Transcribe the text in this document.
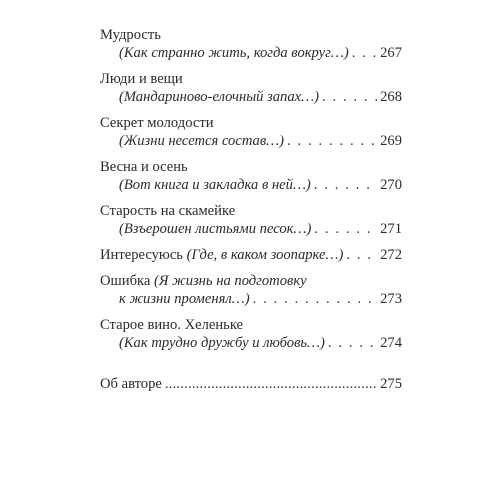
Мудрость
(Как странно жить, когда вокруг…) . . . 267
Люди и вещи
(Мандариново-елочный запах…) . . .	268
Секрет молодости
(Жизни несется состав…) . . .	269
Весна и осень
(Вот книга и закладка в ней…) . . .	270
Старость на скамейке
(Взъерошен листьями песок…) . . .	271
Интересуюсь
(Где, в каком зоопарке…) . . .	272
Ошибка
(Я жизнь на подготовку
к жизни променял…) . . .	273
Старое вино. Хеленьке
(Как трудно дружбу и любовь…) . . .	274
Об авторе .....	275
